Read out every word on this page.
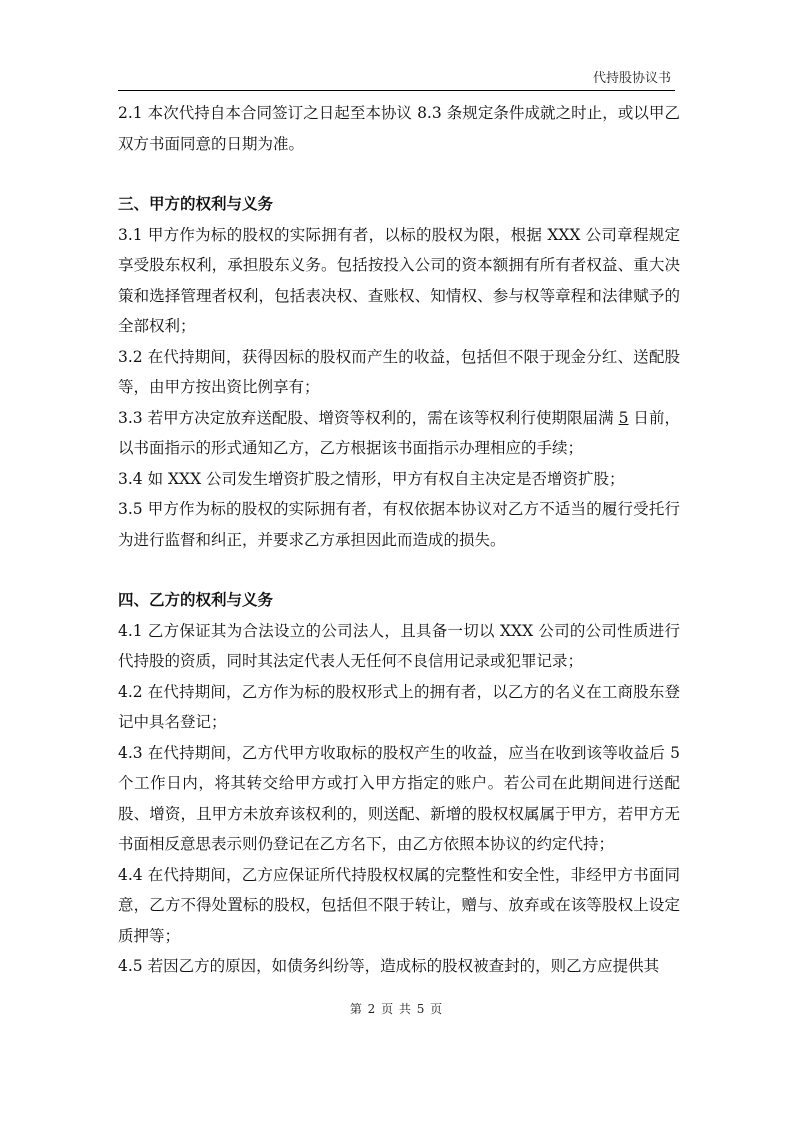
代持股协议书

2.1 本次代持自本合同签订之日起至本协议 8.3 条规定条件成就之时止，或以甲乙双方书面同意的日期为准。

三、甲方的权利与义务

3.1 甲方作为标的股权的实际拥有者，以标的股权为限，根据 XXX 公司章程规定享受股东权利，承担股东义务。包括按投入公司的资本额拥有所有者权益、重大决策和选择管理者权利，包括表决权、查账权、知情权、参与权等章程和法律赋予的全部权利；

3.2 在代持期间，获得因标的股权而产生的收益，包括但不限于现金分红、送配股等，由甲方按出资比例享有；

3.3 若甲方决定放弃送配股、增资等权利的，需在该等权利行使期限届满 5 日前，以书面指示的形式通知乙方，乙方根据该书面指示办理相应的手续；

3.4 如 XXX 公司发生增资扩股之情形，甲方有权自主决定是否增资扩股；

3.5 甲方作为标的股权的实际拥有者，有权依据本协议对乙方不适当的履行受托行为进行监督和纠正，并要求乙方承担因此而造成的损失。

四、乙方的权利与义务

4.1 乙方保证其为合法设立的公司法人，且具备一切以 XXX 公司的公司性质进行代持股的资质，同时其法定代表人无任何不良信用记录或犯罪记录；

4.2 在代持期间，乙方作为标的股权形式上的拥有者，以乙方的名义在工商股东登记中具名登记；

4.3 在代持期间，乙方代甲方收取标的股权产生的收益，应当在收到该等收益后 5 个工作日内，将其转交给甲方或打入甲方指定的账户。若公司在此期间进行送配股、增资，且甲方未放弃该权利的，则送配、新增的股权权属属于甲方，若甲方无书面相反意思表示则仍登记在乙方名下，由乙方依照本协议的约定代持；

4.4 在代持期间，乙方应保证所代持股权权属的完整性和安全性，非经甲方书面同意，乙方不得处置标的股权，包括但不限于转让，赠与、放弃或在该等股权上设定质押等；

4.5 若因乙方的原因，如债务纠纷等，造成标的股权被查封的，则乙方应提供其

第 2 页 共 5 页
